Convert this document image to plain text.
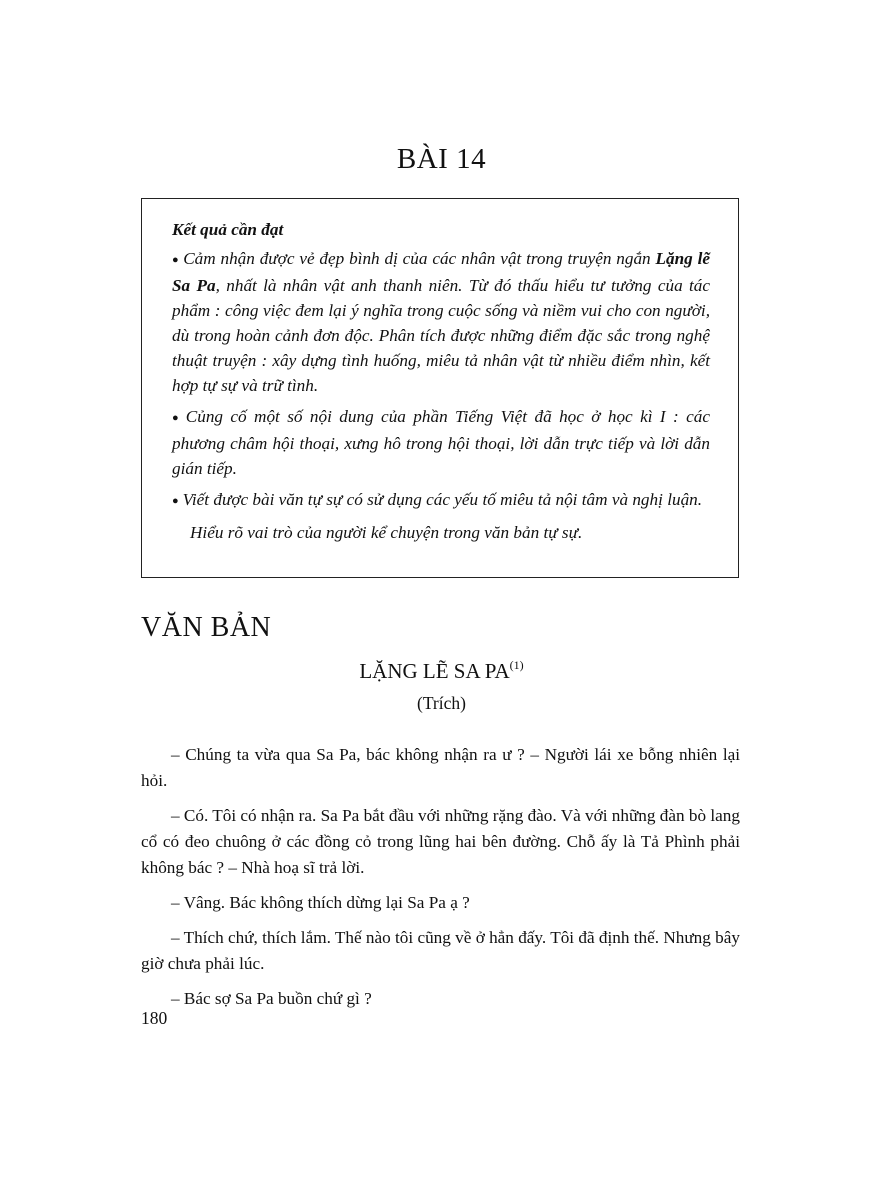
BÀI 14

Kết quả cần đạt

● Cảm nhận được vẻ đẹp bình dị của các nhân vật trong truyện ngắn Lặng lẽ Sa Pa, nhất là nhân vật anh thanh niên. Từ đó thấu hiểu tư tưởng của tác phẩm : công việc đem lại ý nghĩa trong cuộc sống và niềm vui cho con người, dù trong hoàn cảnh đơn độc. Phân tích được những điểm đặc sắc trong nghệ thuật truyện : xây dựng tình huống, miêu tả nhân vật từ nhiều điểm nhìn, kết hợp tự sự và trữ tình.

● Củng cố một số nội dung của phần Tiếng Việt đã học ở học kì I : các phương châm hội thoại, xưng hô trong hội thoại, lời dẫn trực tiếp và lời dẫn gián tiếp.

● Viết được bài văn tự sự có sử dụng các yếu tố miêu tả nội tâm và nghị luận.

Hiểu rõ vai trò của người kể chuyện trong văn bản tự sự.

VĂN BẢN
LẶNG LẼ SA PA$^{(1)}$
(Trích)

– Chúng ta vừa qua Sa Pa, bác không nhận ra ư ? – Người lái xe bỗng nhiên lại hỏi.

– Có. Tôi có nhận ra. Sa Pa bắt đầu với những rặng đào. Và với những đàn bò lang cổ có đeo chuông ở các đồng cỏ trong lũng hai bên đường. Chỗ ấy là Tả Phình phải không bác ? – Nhà hoạ sĩ trả lời.

– Vâng. Bác không thích dừng lại Sa Pa ạ ?

– Thích chứ, thích lắm. Thế nào tôi cũng về ở hẳn đấy. Tôi đã định thế. Nhưng bây giờ chưa phải lúc.

– Bác sợ Sa Pa buồn chứ gì ?

180
